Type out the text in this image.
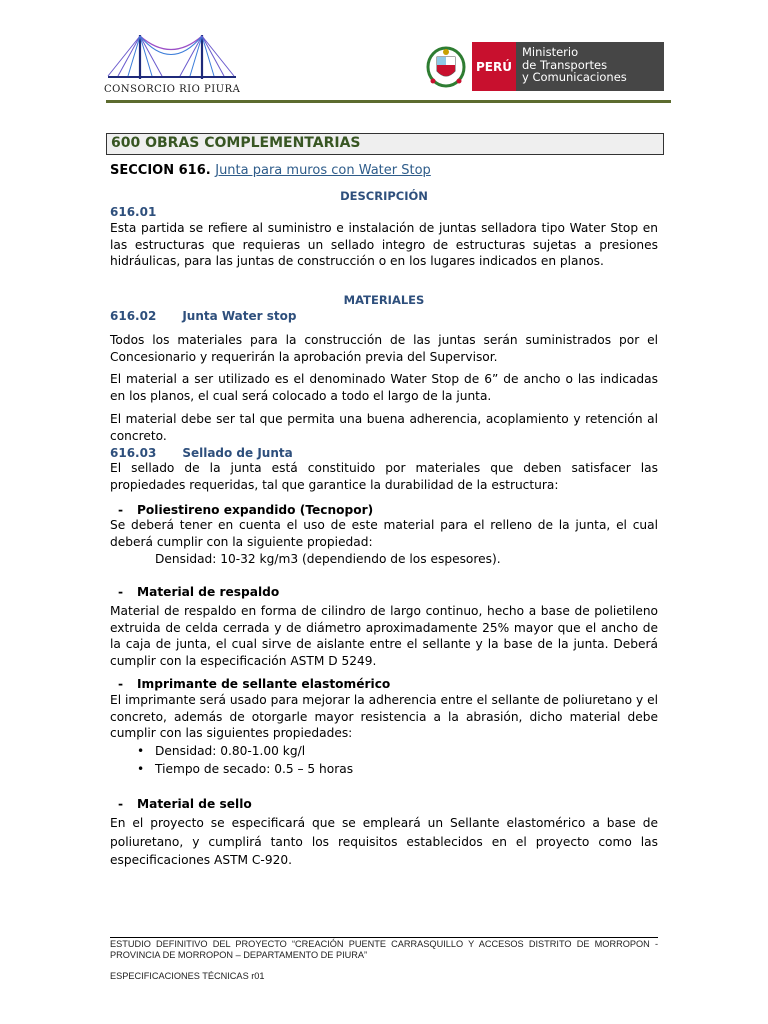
CONSORCIO RIO PIURA
PERÚ
Ministerio
de Transportes
y Comunicaciones
600 OBRAS COMPLEMENTARIAS
SECCION 616. Junta para muros con Water Stop
DESCRIPCIÓN
616.01
Esta partida se refiere al suministro e instalación de juntas selladora tipo Water Stop en las estructuras que requieras un sellado integro de estructuras sujetas a presiones hidráulicas, para las juntas de construcción o en los lugares indicados en planos.
MATERIALES
616.02 Junta Water stop
Todos los materiales para la construcción de las juntas serán suministrados por el Concesionario y requerirán la aprobación previa del Supervisor.
El material a ser utilizado es el denominado Water Stop de 6” de ancho o las indicadas en los planos, el cual será colocado a todo el largo de la junta.
El material debe ser tal que permita una buena adherencia, acoplamiento y retención al concreto.
616.03 Sellado de Junta
El sellado de la junta está constituido por materiales que deben satisfacer las propiedades requeridas, tal que garantice la durabilidad de la estructura:
- Poliestireno expandido (Tecnopor)
Se deberá tener en cuenta el uso de este material para el relleno de la junta, el cual deberá cumplir con la siguiente propiedad:
Densidad: 10-32 kg/m3 (dependiendo de los espesores).
- Material de respaldo
Material de respaldo en forma de cilindro de largo continuo, hecho a base de polietileno extruida de celda cerrada y de diámetro aproximadamente 25% mayor que el ancho de la caja de junta, el cual sirve de aislante entre el sellante y la base de la junta. Deberá cumplir con la especificación ASTM D 5249.
- Imprimante de sellante elastomérico
El imprimante será usado para mejorar la adherencia entre el sellante de poliuretano y el concreto, además de otorgarle mayor resistencia a la abrasión, dicho material debe cumplir con las siguientes propiedades:
• Densidad: 0.80-1.00 kg/l
• Tiempo de secado: 0.5 – 5 horas
- Material de sello
En el proyecto se especificará que se empleará un Sellante elastomérico a base de poliuretano, y cumplirá tanto los requisitos establecidos en el proyecto como las especificaciones ASTM C-920.
ESTUDIO DEFINITIVO DEL PROYECTO “CREACIÓN PUENTE CARRASQUILLO Y ACCESOS DISTRITO DE MORROPON - PROVINCIA DE MORROPON – DEPARTAMENTO DE PIURA”
ESPECIFICACIONES TÉCNICAS r01
